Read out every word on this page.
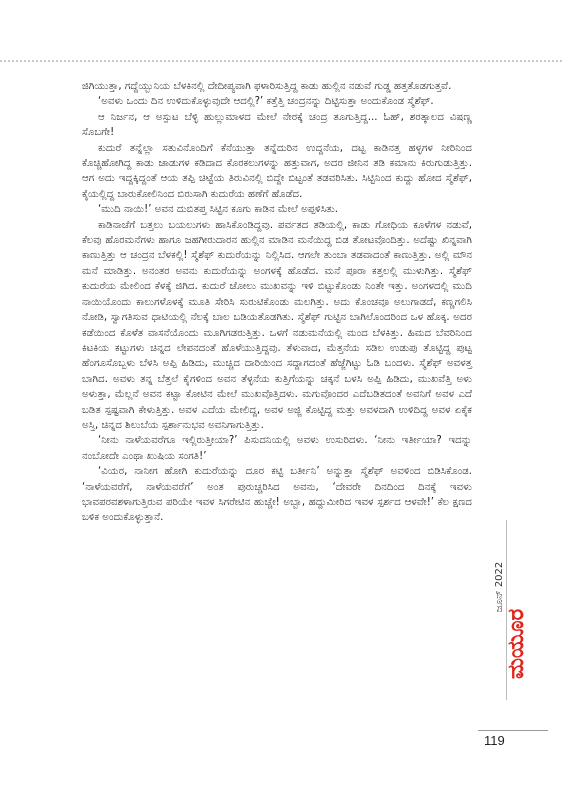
ಜಿಗಿಯುತ್ತಾ, ಗದ್ದೆಯ್ಬುನಿಯ ಬೆಳಕಿನಲ್ಲಿ ದೇದೀಪ್ಯವಾಗಿ ಫಳಾರಿಸುತ್ತಿದ್ದ ಕಾಡು ಹುಲ್ಲಿನ ನಡುವೆ ಗುಡ್ಡ ಹತ್ತತೊಡಗುತ್ತವೆ.

‘ಅವಳು ಒಂದು ದಿನ ಉಳಿದುಕೊಳ್ಳುವುದೇ ಆದಲ್ಲಿ?’ ಕತ್ತೆತ್ತಿ ಚಂದ್ರನನ್ನು ದಿಟ್ಟಿಸುತ್ತಾ ಅಂದುಕೊಂಡ ಸ್ಮೆಶೆಫ್.

ಆ ನಿರ್ಜನ, ಆ ಅಸ್ಪುಟ ಬೆಳ್ಳಿ ಹುಲ್ಲುಮಾಳದ ಮೇಲೆ ನೇರಕ್ಕೆ ಚಂದ್ರ ತೂಗುತ್ತಿದ್ದ... ಓಹ್, ಶರತ್ಕಾಲದ ವಿಷಣ್ಣ ಸೊಬಗೇ!

ಕುದುರೆ ತನ್ನೆಲ್ಲಾ ಸತುವಿನೊಂದಿಗೆ ಕೆನೆಯುತ್ತಾ ತನ್ನೆದುರಿನ ಉದ್ದನೆಯ, ದಟ್ಟ ಕಾಡಿನತ್ತ ಹಳ್ಳಗಳ ನೀರಿನಿಂದ ಕೊಚ್ಚಿಹೋಗಿದ್ದ ಕಾಡು ಜಾಡುಗಳ ಕಡಿದಾದ ಕೊರಕಲುಗಳನ್ನು ಹತ್ತುವಾಗ, ಅದರ ಜೀನಿನ ತಡಿ ಕಮಾನು ಕಿರುಗುಡುತ್ತಿತ್ತು. ಆಗ ಅದು ಇದ್ದಕ್ಕಿದ್ದಂತೆ ಆಯ ತಪ್ಪಿ ಚಿಟ್ಟೆಯ ತಿರುವಿನಲ್ಲಿ ಬಿದ್ದೇ ಬಿಟ್ಟಂತೆ ತಡವರಿಸಿತು. ಸಿಟ್ಟಿನಿಂದ ಕುದ್ದು ಹೋದ ಸ್ಮೆಶೆಫ್, ಕೈಯಲ್ಲಿದ್ದ ಬಾರುಕೋಲಿನಿಂದ ಬಿರುಸಾಗಿ ಕುದುರೆಯ ಹಣೆಗೆ ಹೊಡೆದ.

‘ಮುದಿ ನಾಯಿ!’ ಅವನ ದುಬಿತಪ್ತ ಸಿಟ್ಟಿನ ಕೂಗು ಕಾಡಿನ ಮೇಲೆ ಅಪ್ಪಳಿಸಿತು.

ಕಾಡಿನಾಚೆಗೆ ಬತ್ತಲು ಬಯಲುಗಳು ಹಾಸಿಕೊಂಡಿದ್ದವು. ಪರ್ವತದ ತಡಿಯಲ್ಲಿ, ಕಾಡು ಗೋಧಿಯ ಕೂಳೆಗಳ ನಡುವೆ, ಕೆಲವು ಹೊರಮನೆಗಳು ಹಾಗೂ ಜಹಗೀರುದಾರನ ಹುಲ್ಲಿನ ಮಾಡಿನ ಮನೆಯಿದ್ದ ಬಿಡ ತೋಟವೊಂದಿತ್ತು. ಅದೆಷ್ಟು ಖಿನ್ನವಾಗಿ ಕಾಣುತ್ತಿತ್ತು ಆ ಚಂದ್ರನ ಬೆಳಕಲ್ಲಿ! ಸ್ಮೆಶೆಫ್ ಕುದುರೆಯನ್ನು ನಿಲ್ಲಿಸಿದ. ಆಗಲೇ ತುಂಬಾ ತಡವಾದಂತೆ ಕಾಣುತ್ತಿತ್ತು. ಅಲ್ಲಿ ಮೌನ ಮನೆ ಮಾಡಿತ್ತು. ಅನಂತರ ಅವನು ಕುದುರೆಯನ್ನು ಅಂಗಳಕ್ಕೆ ಹೊಡೆದ. ಮನೆ ಪೂರಾ ಕತ್ತಲಲ್ಲಿ ಮುಳುಗಿತ್ತು. ಸ್ಮೆಶೆಫ್ ಕುದುರೆಯ ಮೇಲಿಂದ ಕೆಳಕ್ಕೆ ಜಿಗಿದ. ಕುದುರೆ ಜೋಲು ಮುಖವನ್ನು ಇಳಿ ಬಿಟ್ಟುಕೊಂಡು ನಿಂತೇ ಇತ್ತು. ಅಂಗಳದಲ್ಲಿ ಮುದಿ ನಾಯಿಯೊಂದು ಕಾಲುಗಳೊಳಕ್ಕೆ ಮೂತಿ ಸೇರಿಸಿ ಸುರುಟಿಕೊಂಡು ಮಲಗಿತ್ತು. ಅದು ಕೊಂಚವೂ ಅಲುಗಾಡದೆ, ಕಣ್ಣಗಲಿಸಿ ನೋಡಿ, ಸ್ವಾಗತಿಸುವ ಧಾಟಿಯಲ್ಲಿ ನೆಲಕ್ಕೆ ಬಾಲ ಬಡಿಯತೊಡಗಿತು. ಸ್ಮೆಶೆಫ್ ಗುಟ್ಟಿನ ಬಾಗಿಲೊಂದರಿಂದ ಒಳ ಹೊಕ್ಕ. ಅದರ ಕಡೆಯಿಂದ ಕೊಳೆತ ವಾಸನೆಯೊಂದು ಮೂಗಿಗಡರುತ್ತಿತ್ತು. ಒಳಗೆ ನಡುಮನೆಯಲ್ಲಿ ಮಂದ ಬೆಳಕಿತ್ತು. ಹಿಮದ ಬೆವರಿನಿಂದ ಕಿಟಕಿಯ ಕಟ್ಟುಗಳು ಚಿನ್ನದ ಲೇಪನದಂತೆ ಹೊಳೆಯುತ್ತಿದ್ದವು. ತೆಳುವಾದ, ಮೆತ್ತನೆಯ ಸಡಿಲ ಉಡುಪು ತೊಟ್ಟಿದ್ದ ಪುಟ್ಟ ಹೆಂಗೂಸೊಬ್ಬಳು ಬೆಳಸಿ ಅಪ್ಪಿ ಹಿಡಿದು, ಮುಚ್ಚಿದ ದಾರಿಯಿಂದ ಸದ್ದಾಗದಂತೆ ಹೆಜ್ಜೆಗಿಟ್ಟು ಓಡಿ ಬಂದಳು. ಸ್ಮೆಶೆಫ್ ಅವಳತ್ತ ಬಾಗಿದ. ಅವಳು ತನ್ನ ಬೆತ್ತಲೆ ಕೈಗಳಿಂದ ಅವನ ತೆಳ್ಳನೆಯ ಕುತ್ತಿಗೆಯನ್ನು ಚಕ್ಕನೆ ಬಳಸಿ ಅಪ್ಪಿ ಹಿಡಿದು, ಮುಖವೆತ್ತಿ ಅಳು ಅಳುತ್ತಾ, ಮೆಲ್ಲನೆ ಅವನ ಕಟ್ಟಾ ಕೋಟಿನ ಮೇಲೆ ಮುಖವೊತ್ತಿದಳು. ಮಗುವೊಂದರ ಎದೆಬಡಿತದಂತೆ ಅವನಿಗೆ ಅವಳ ಎದೆ ಬಡಿತ ಸ್ಪಷ್ಟವಾಗಿ ಕೇಳುತ್ತಿತ್ತು. ಅವಳ ಎದೆಯ ಮೇಲಿದ್ದ, ಅವಳ ಅಜ್ಜಿ ಕೊಟ್ಟಿದ್ದ ಮತ್ತು ಅವಳದಾಗಿ ಉಳಿದಿದ್ದ ಅವಳ ಏಕೈಕ ಅಸ್ತಿ, ಚಿನ್ನದ ಶಿಲುಬೆಯ ಸ್ಪರ್ಶಾನುಭವ ಅವನಿಗಾಗುತ್ತಿತ್ತು.

‘ನೀನು ನಾಳೆಯವರೆಗೂ ಇಲ್ಲಿರುತ್ತೀಯಾ?’ ಪಿಸುದನಿಯಲ್ಲಿ ಅವಳು ಉಸುರಿದಳು. ‘ನೀನು ಇರ್ತೀಯಾ? ಇದನ್ನು ನಂಬೋದೇ ಎಂಥಾ ಖುಷಿಯ ಸಂಗತಿ!’

‘ವಿಯರ, ನಾನೀಗ ಹೋಗಿ ಕುದುರೆಯನ್ನು ದೂರ ಕಟ್ಟಿ ಬರ್ತೀನಿ’ ಅನ್ನುತ್ತಾ ಸ್ಮೆಶೆಫ್ ಅವಳಿಂದ ಬಿಡಿಸಿಕೊಂಡ. ‘ನಾಳೆಯವರೆಗೆ, ನಾಳೆಯವರೆಗೆ’ ಅಂತ ಪುರುಚ್ಚರಿಸಿದ ಅವನು, ‘ದೇವರೇ ದಿನದಿಂದ ದಿನಕ್ಕೆ ಇವಳು ಭಾವಪರವಶಳಾಗುತ್ತಿರುವ ಪರಿಯೇ ಇವಳ ಸಿಗರೇಟಿನ ಹುಚ್ಚೇ! ಅಬ್ಬಾ, ಹದ್ದುಮೀರಿದ ಇವಳ ಸ್ಪರ್ಶದ ಆಳವೇ!’ ಕೆಲ ಕ್ಷಣದ ಬಳಿಕ ಅಂದುಕೊಳ್ಳುತ್ತಾನೆ.

ಜೂನ್ 2022
ಮಯೂರ
119
